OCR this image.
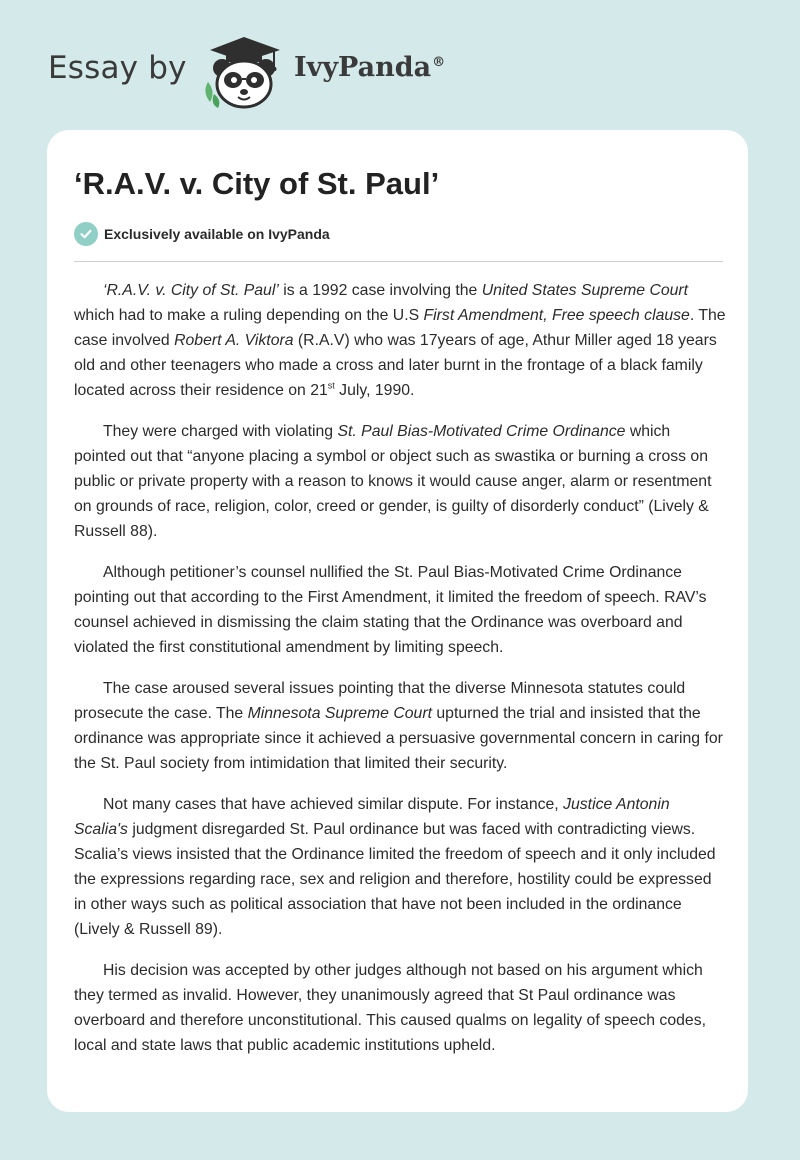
Essay by	IvyPanda®
‘R.A.V. v. City of St. Paul’
Exclusively available on IvyPanda

‘R.A.V. v. City of St. Paul’ is a 1992 case involving the United States Supreme Court which had to make a ruling depending on the U.S First Amendment, Free speech clause. The case involved Robert A. Viktora (R.A.V) who was 17years of age, Athur Miller aged 18 years old and other teenagers who made a cross and later burnt in the frontage of a black family located across their residence on 21st July, 1990.

They were charged with violating St. Paul Bias-Motivated Crime Ordinance which pointed out that “anyone placing a symbol or object such as swastika or burning a cross on public or private property with a reason to knows it would cause anger, alarm or resentment on grounds of race, religion, color, creed or gender, is guilty of disorderly conduct” (Lively & Russell 88).

Although petitioner’s counsel nullified the St. Paul Bias-Motivated Crime Ordinance pointing out that according to the First Amendment, it limited the freedom of speech. RAV’s counsel achieved in dismissing the claim stating that the Ordinance was overboard and violated the first constitutional amendment by limiting speech.

The case aroused several issues pointing that the diverse Minnesota statutes could prosecute the case. The Minnesota Supreme Court upturned the trial and insisted that the ordinance was appropriate since it achieved a persuasive governmental concern in caring for the St. Paul society from intimidation that limited their security.

Not many cases that have achieved similar dispute. For instance, Justice Antonin Scalia's judgment disregarded St. Paul ordinance but was faced with contradicting views. Scalia’s views insisted that the Ordinance limited the freedom of speech and it only included the expressions regarding race, sex and religion and therefore, hostility could be expressed in other ways such as political association that have not been included in the ordinance (Lively & Russell 89).

His decision was accepted by other judges although not based on his argument which they termed as invalid. However, they unanimously agreed that St Paul ordinance was overboard and therefore unconstitutional. This caused qualms on legality of speech codes, local and state laws that public academic institutions upheld.
